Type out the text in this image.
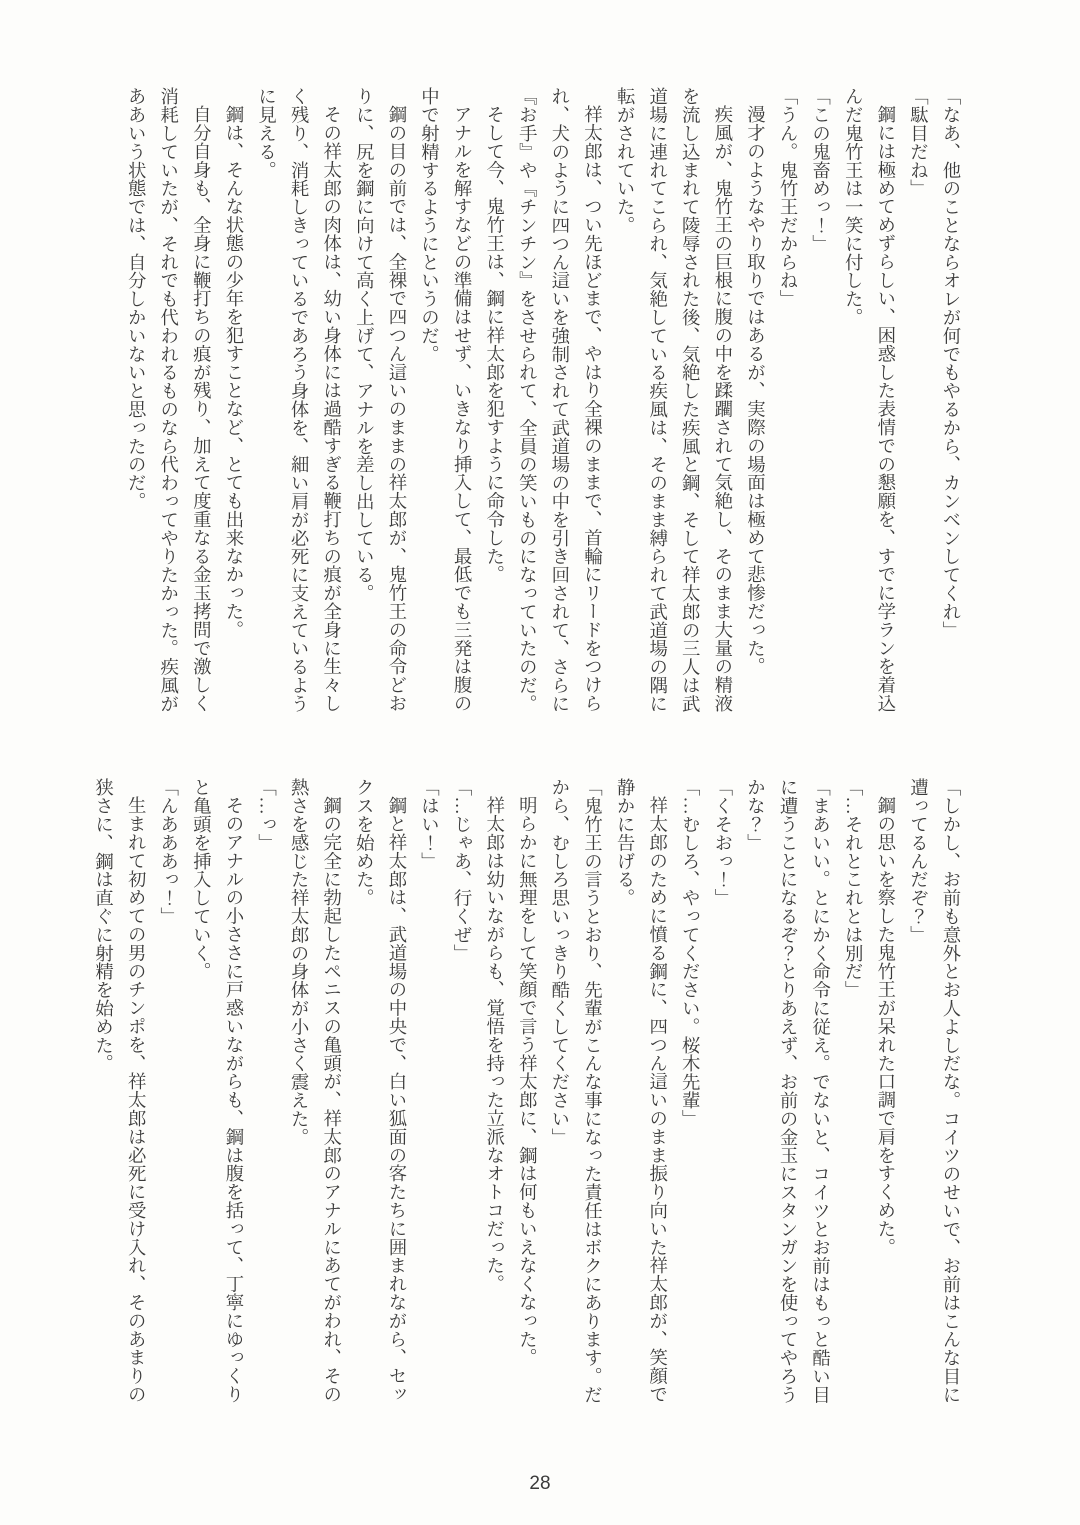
「なあ、他のことならオレが何でもやるから、カンベンしてくれ」
「駄目だね」
鋼には極めてめずらしい、困惑した表情での懇願を、すでに学ランを着込
んだ鬼竹王は一笑に付した。
「この鬼畜めっ！」
「うん。鬼竹王だからね」
漫才のようなやり取りではあるが、実際の場面は極めて悲惨だった。
疾風が、鬼竹王の巨根に腹の中を蹂躙されて気絶し、そのまま大量の精液
を流し込まれて陵辱された後、気絶した疾風と鋼、そして祥太郎の三人は武
道場に連れてこられ、気絶している疾風は、そのまま縛られて武道場の隅に
転がされていた。
祥太郎は、つい先ほどまで、やはり全裸のままで、首輪にリードをつけら
れ、犬のように四つん這いを強制されて武道場の中を引き回されて、さらに
『お手』や『チンチン』をさせられて、全員の笑いものになっていたのだ。
そして今、鬼竹王は、鋼に祥太郎を犯すように命令した。
アナルを解すなどの準備はせず、いきなり挿入して、最低でも三発は腹の
中で射精するようにというのだ。
鋼の目の前では、全裸で四つん這いのままの祥太郎が、鬼竹王の命令どお
りに、尻を鋼に向けて高く上げて、アナルを差し出している。
その祥太郎の肉体は、幼い身体には過酷すぎる鞭打ちの痕が全身に生々し
く残り、消耗しきっているであろう身体を、細い肩が必死に支えているよう
に見える。
鋼は、そんな状態の少年を犯すことなど、とても出来なかった。
自分自身も、全身に鞭打ちの痕が残り、加えて度重なる金玉拷問で激しく
消耗していたが、それでも代われるものなら代わってやりたかった。疾風が
ああいう状態では、自分しかいないと思ったのだ。
「しかし、お前も意外とお人よしだな。コイツのせいで、お前はこんな目に
遭ってるんだぞ？」
鋼の思いを察した鬼竹王が呆れた口調で肩をすくめた。
「…それとこれとは別だ」
「まあいい。とにかく命令に従え。でないと、コイツとお前はもっと酷い目
に遭うことになるぞ？とりあえず、お前の金玉にスタンガンを使ってやろう
かな？」
「くそおっ！」
「…むしろ、やってください。桜木先輩」
祥太郎のために憤る鋼に、四つん這いのまま振り向いた祥太郎が、笑顔で
静かに告げる。
「鬼竹王の言うとおり、先輩がこんな事になった責任はボクにあります。だ
から、むしろ思いっきり酷くしてください」
明らかに無理をして笑顔で言う祥太郎に、鋼は何もいえなくなった。
祥太郎は幼いながらも、覚悟を持った立派なオトコだった。
「…じゃあ、行くぜ」
「はい！」
鋼と祥太郎は、武道場の中央で、白い狐面の客たちに囲まれながら、セッ
クスを始めた。
鋼の完全に勃起したペニスの亀頭が、祥太郎のアナルにあてがわれ、その
熱さを感じた祥太郎の身体が小さく震えた。
「…っ」
そのアナルの小ささに戸惑いながらも、鋼は腹を括って、丁寧にゆっくり
と亀頭を挿入していく。
「んあああっ！」
生まれて初めての男のチンポを、祥太郎は必死に受け入れ、そのあまりの
狭さに、鋼は直ぐに射精を始めた。
28
